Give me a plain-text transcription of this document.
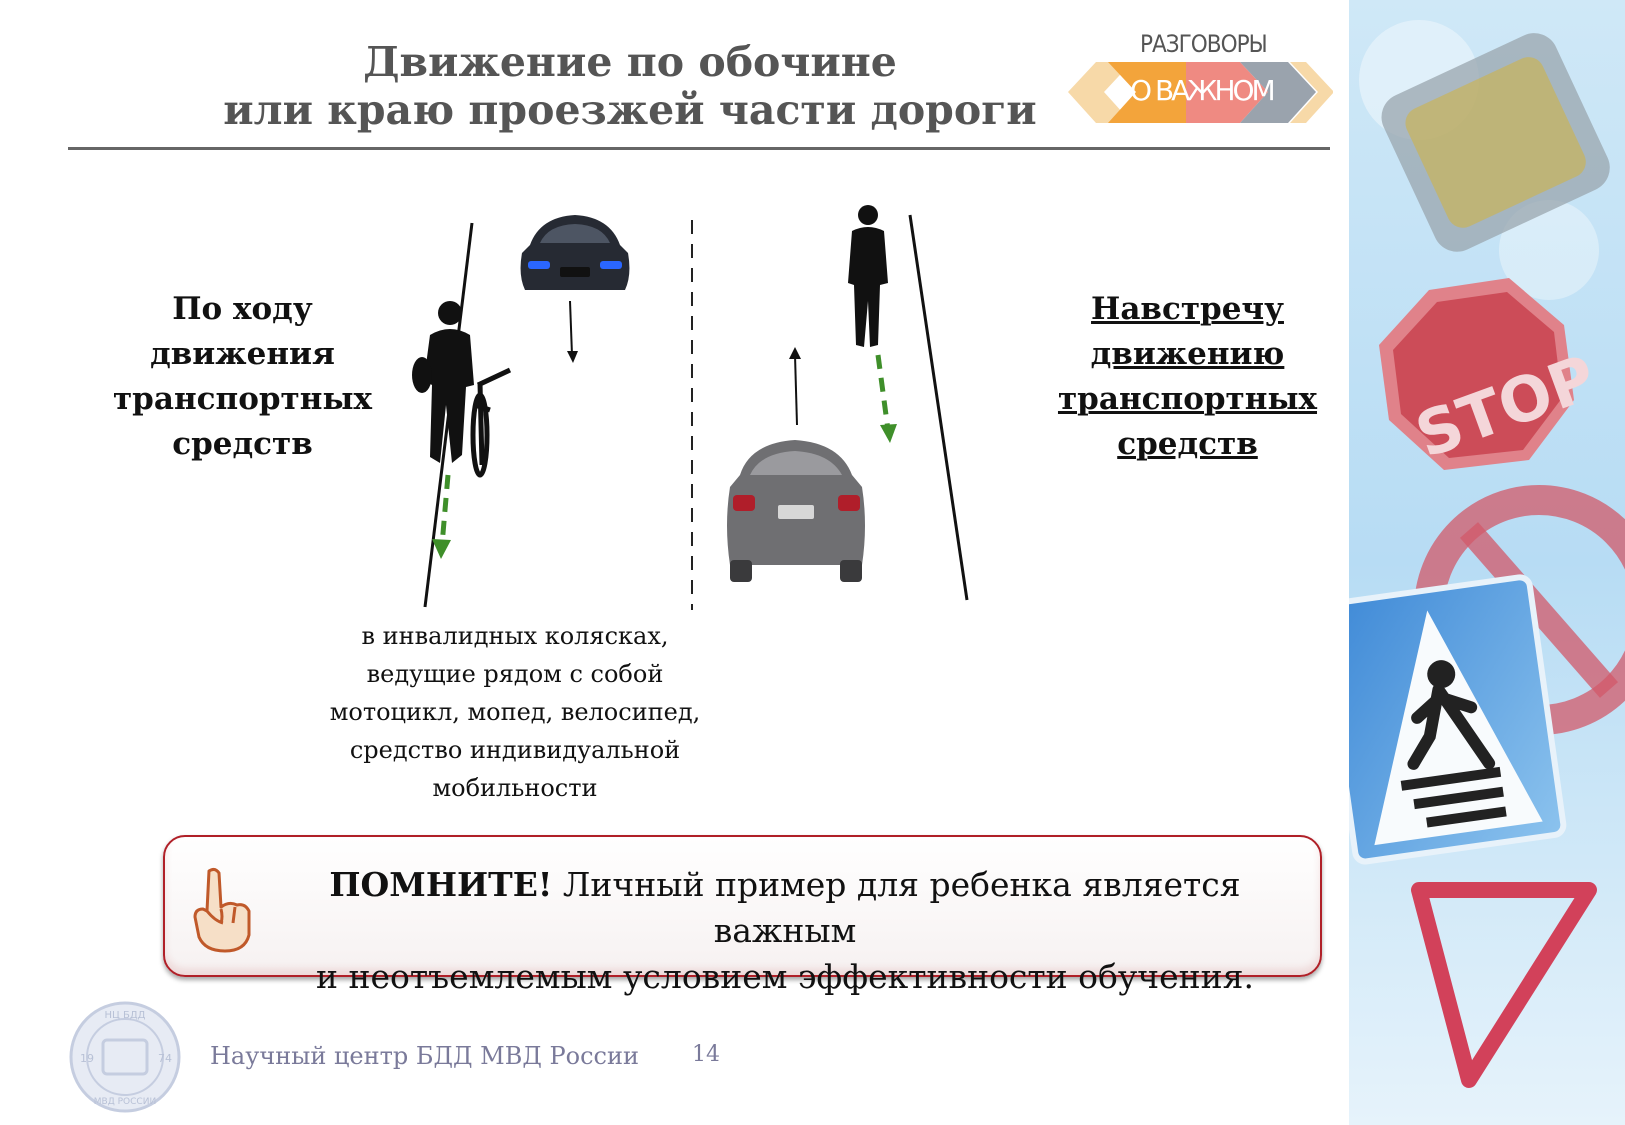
Движение по обочине
или краю проезжей части дороги
РАЗГОВОРЫ
О ВАЖНОМ
STOP
По ходу
движения
транспортных
средств
Навстречу
движению
транспортных
средств
в инвалидных колясках,
ведущие рядом с собой
мотоцикл, мопед, велосипед,
средство индивидуальной
мобильности
ПОМНИТЕ! Личный пример для ребенка является важным
и неотъемлемым условием эффективности обучения.
НЦ БДД
19	74
МВД РОССИИ
Научный центр БДД МВД России 14
